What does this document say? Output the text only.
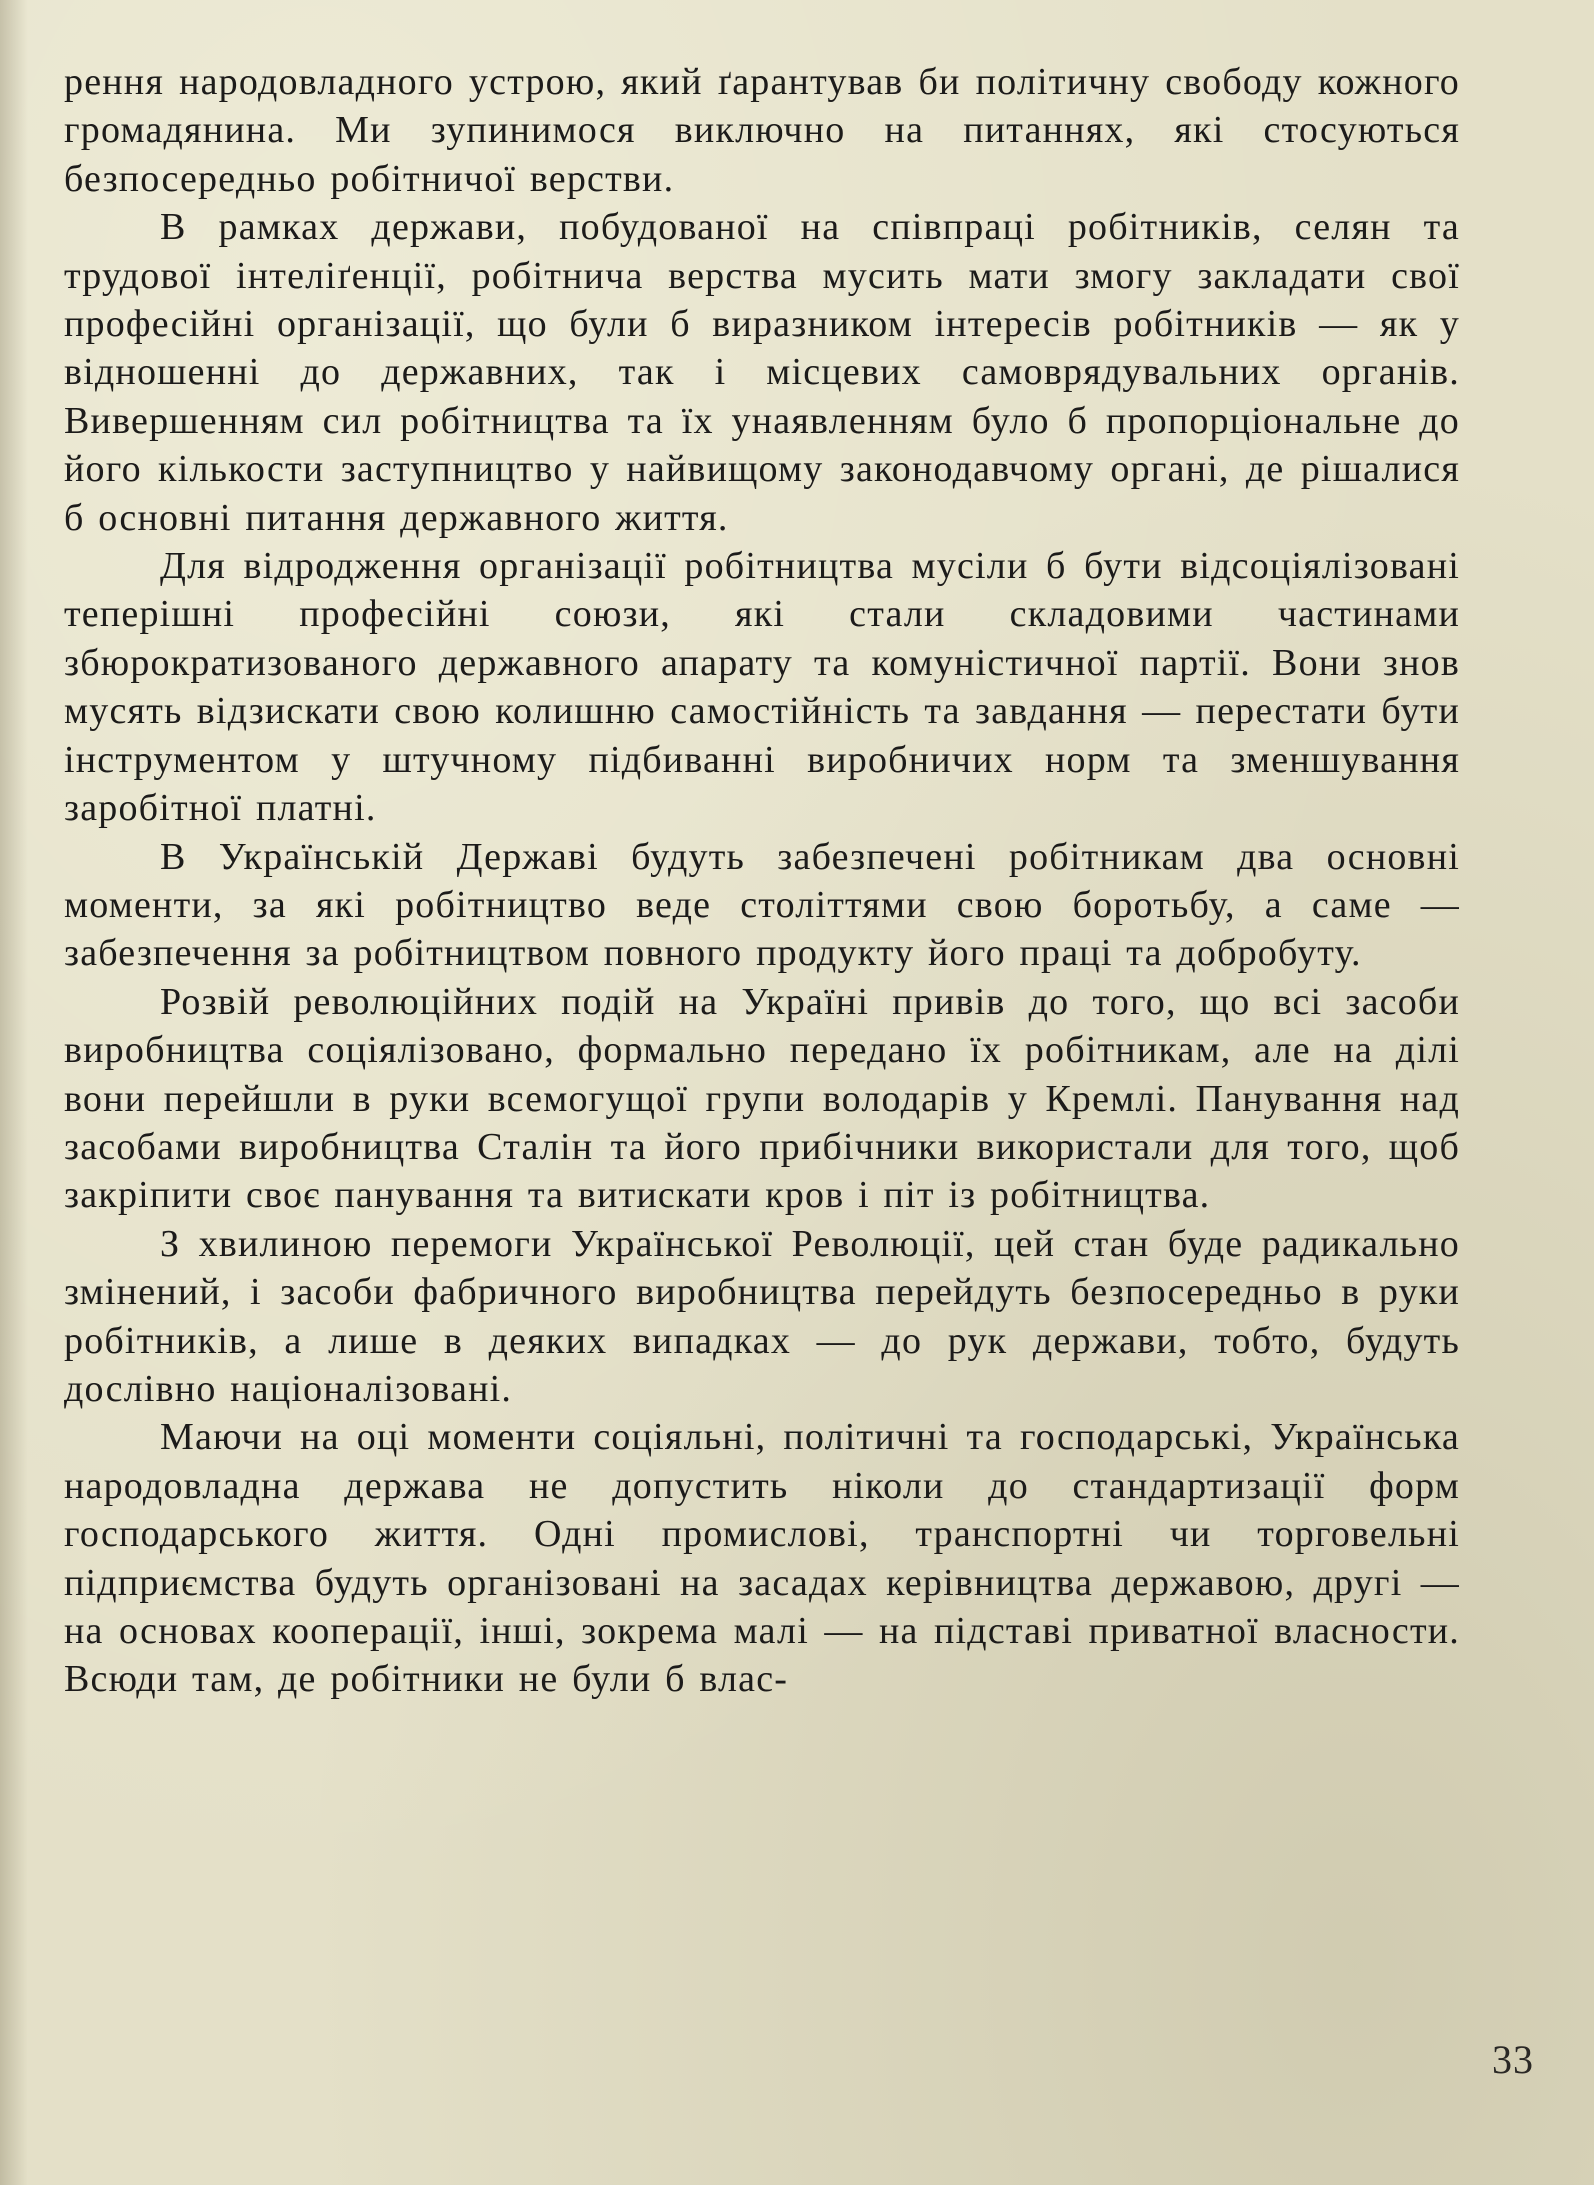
рення народовладного устрою, який ґарантував би політичну свободу кожного громадянина. Ми зупинимося виключно на питаннях, які стосуються безпосередньо робітничої верстви.

В рамках держави, побудованої на співпраці робітників, селян та трудової інтеліґенції, робітнича верства мусить мати змогу закладати свої професійні організації, що були б виразником інтересів робітників — як у відношенні до державних, так і місцевих самоврядувальних органів. Вивершенням сил робітництва та їх унаявленням було б пропорціональне до його кількости заступництво у найвищому законодавчому органі, де рішалися б основні питання державного життя.

Для відродження організації робітництва мусіли б бути відсоціялізовані теперішні професійні союзи, які стали складовими частинами збюрократизованого державного апарату та комуністичної партії. Вони знов мусять відзискати свою колишню самостійність та завдання — перестати бути інструментом у штучному підбиванні виробничих норм та зменшування заробітної платні.

В Українській Державі будуть забезпечені робітникам два основні моменти, за які робітництво веде століттями свою боротьбу, а саме — забезпечення за робітництвом повного продукту його праці та добробуту.

Розвій революційних подій на Україні привів до того, що всі засоби виробництва соціялізовано, формально передано їх робітникам, але на ділі вони перейшли в руки всемогущої групи володарів у Кремлі. Панування над засобами виробництва Сталін та його прибічники використали для того, щоб закріпити своє панування та витискати кров і піт із робітництва.

З хвилиною перемоги Української Революції, цей стан буде радикально змінений, і засоби фабричного виробництва перейдуть безпосередньо в руки робітників, а лише в деяких випадках — до рук держави, тобто, будуть дослівно націоналізовані.

Маючи на оці моменти соціяльні, політичні та господарські, Українська народовладна держава не допустить ніколи до стандартизації форм господарського життя. Одні промислові, транспортні чи торговельні підприємства будуть організовані на засадах керівництва державою, другі — на основах кооперації, інші, зокрема малі — на підставі приватної власности. Всюди там, де робітники не були б влас-

33
